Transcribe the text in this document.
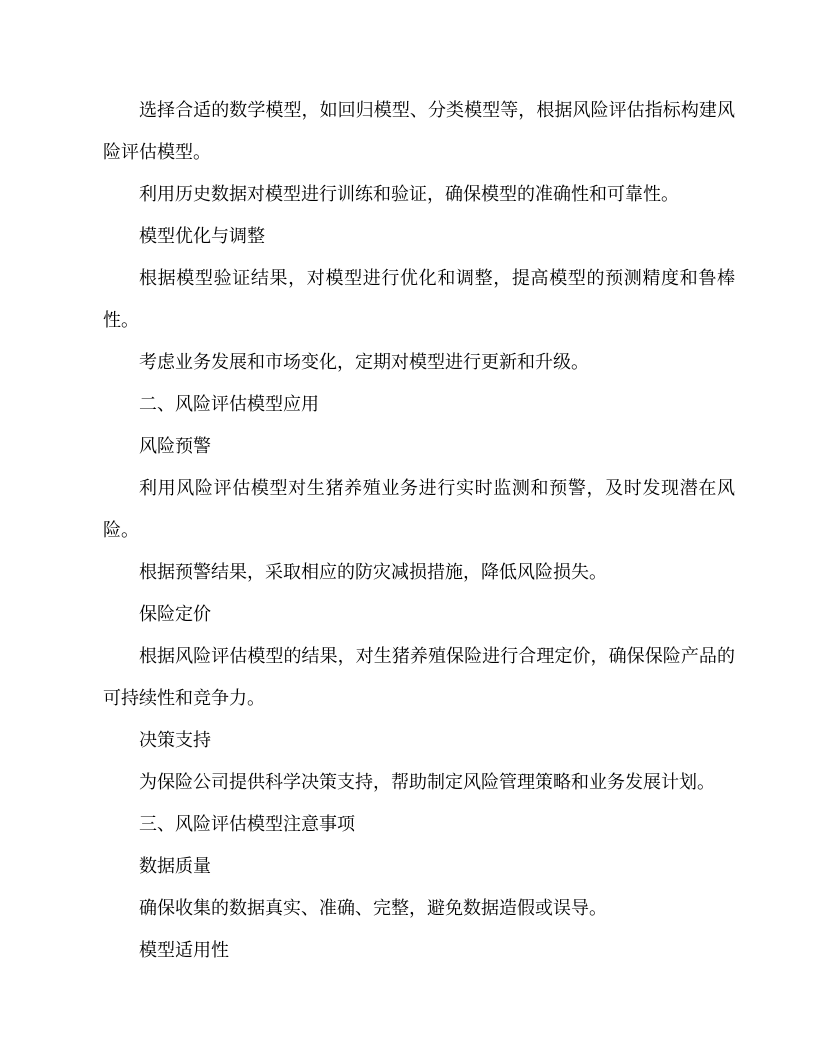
选择合适的数学模型，如回归模型、分类模型等，根据风险评估指标构建风险评估模型。

利用历史数据对模型进行训练和验证，确保模型的准确性和可靠性。

模型优化与调整

根据模型验证结果，对模型进行优化和调整，提高模型的预测精度和鲁棒性。

考虑业务发展和市场变化，定期对模型进行更新和升级。

二、风险评估模型应用

风险预警

利用风险评估模型对生猪养殖业务进行实时监测和预警，及时发现潜在风险。

根据预警结果，采取相应的防灾减损措施，降低风险损失。

保险定价

根据风险评估模型的结果，对生猪养殖保险进行合理定价，确保保险产品的可持续性和竞争力。

决策支持

为保险公司提供科学决策支持，帮助制定风险管理策略和业务发展计划。

三、风险评估模型注意事项

数据质量

确保收集的数据真实、准确、完整，避免数据造假或误导。

模型适用性
